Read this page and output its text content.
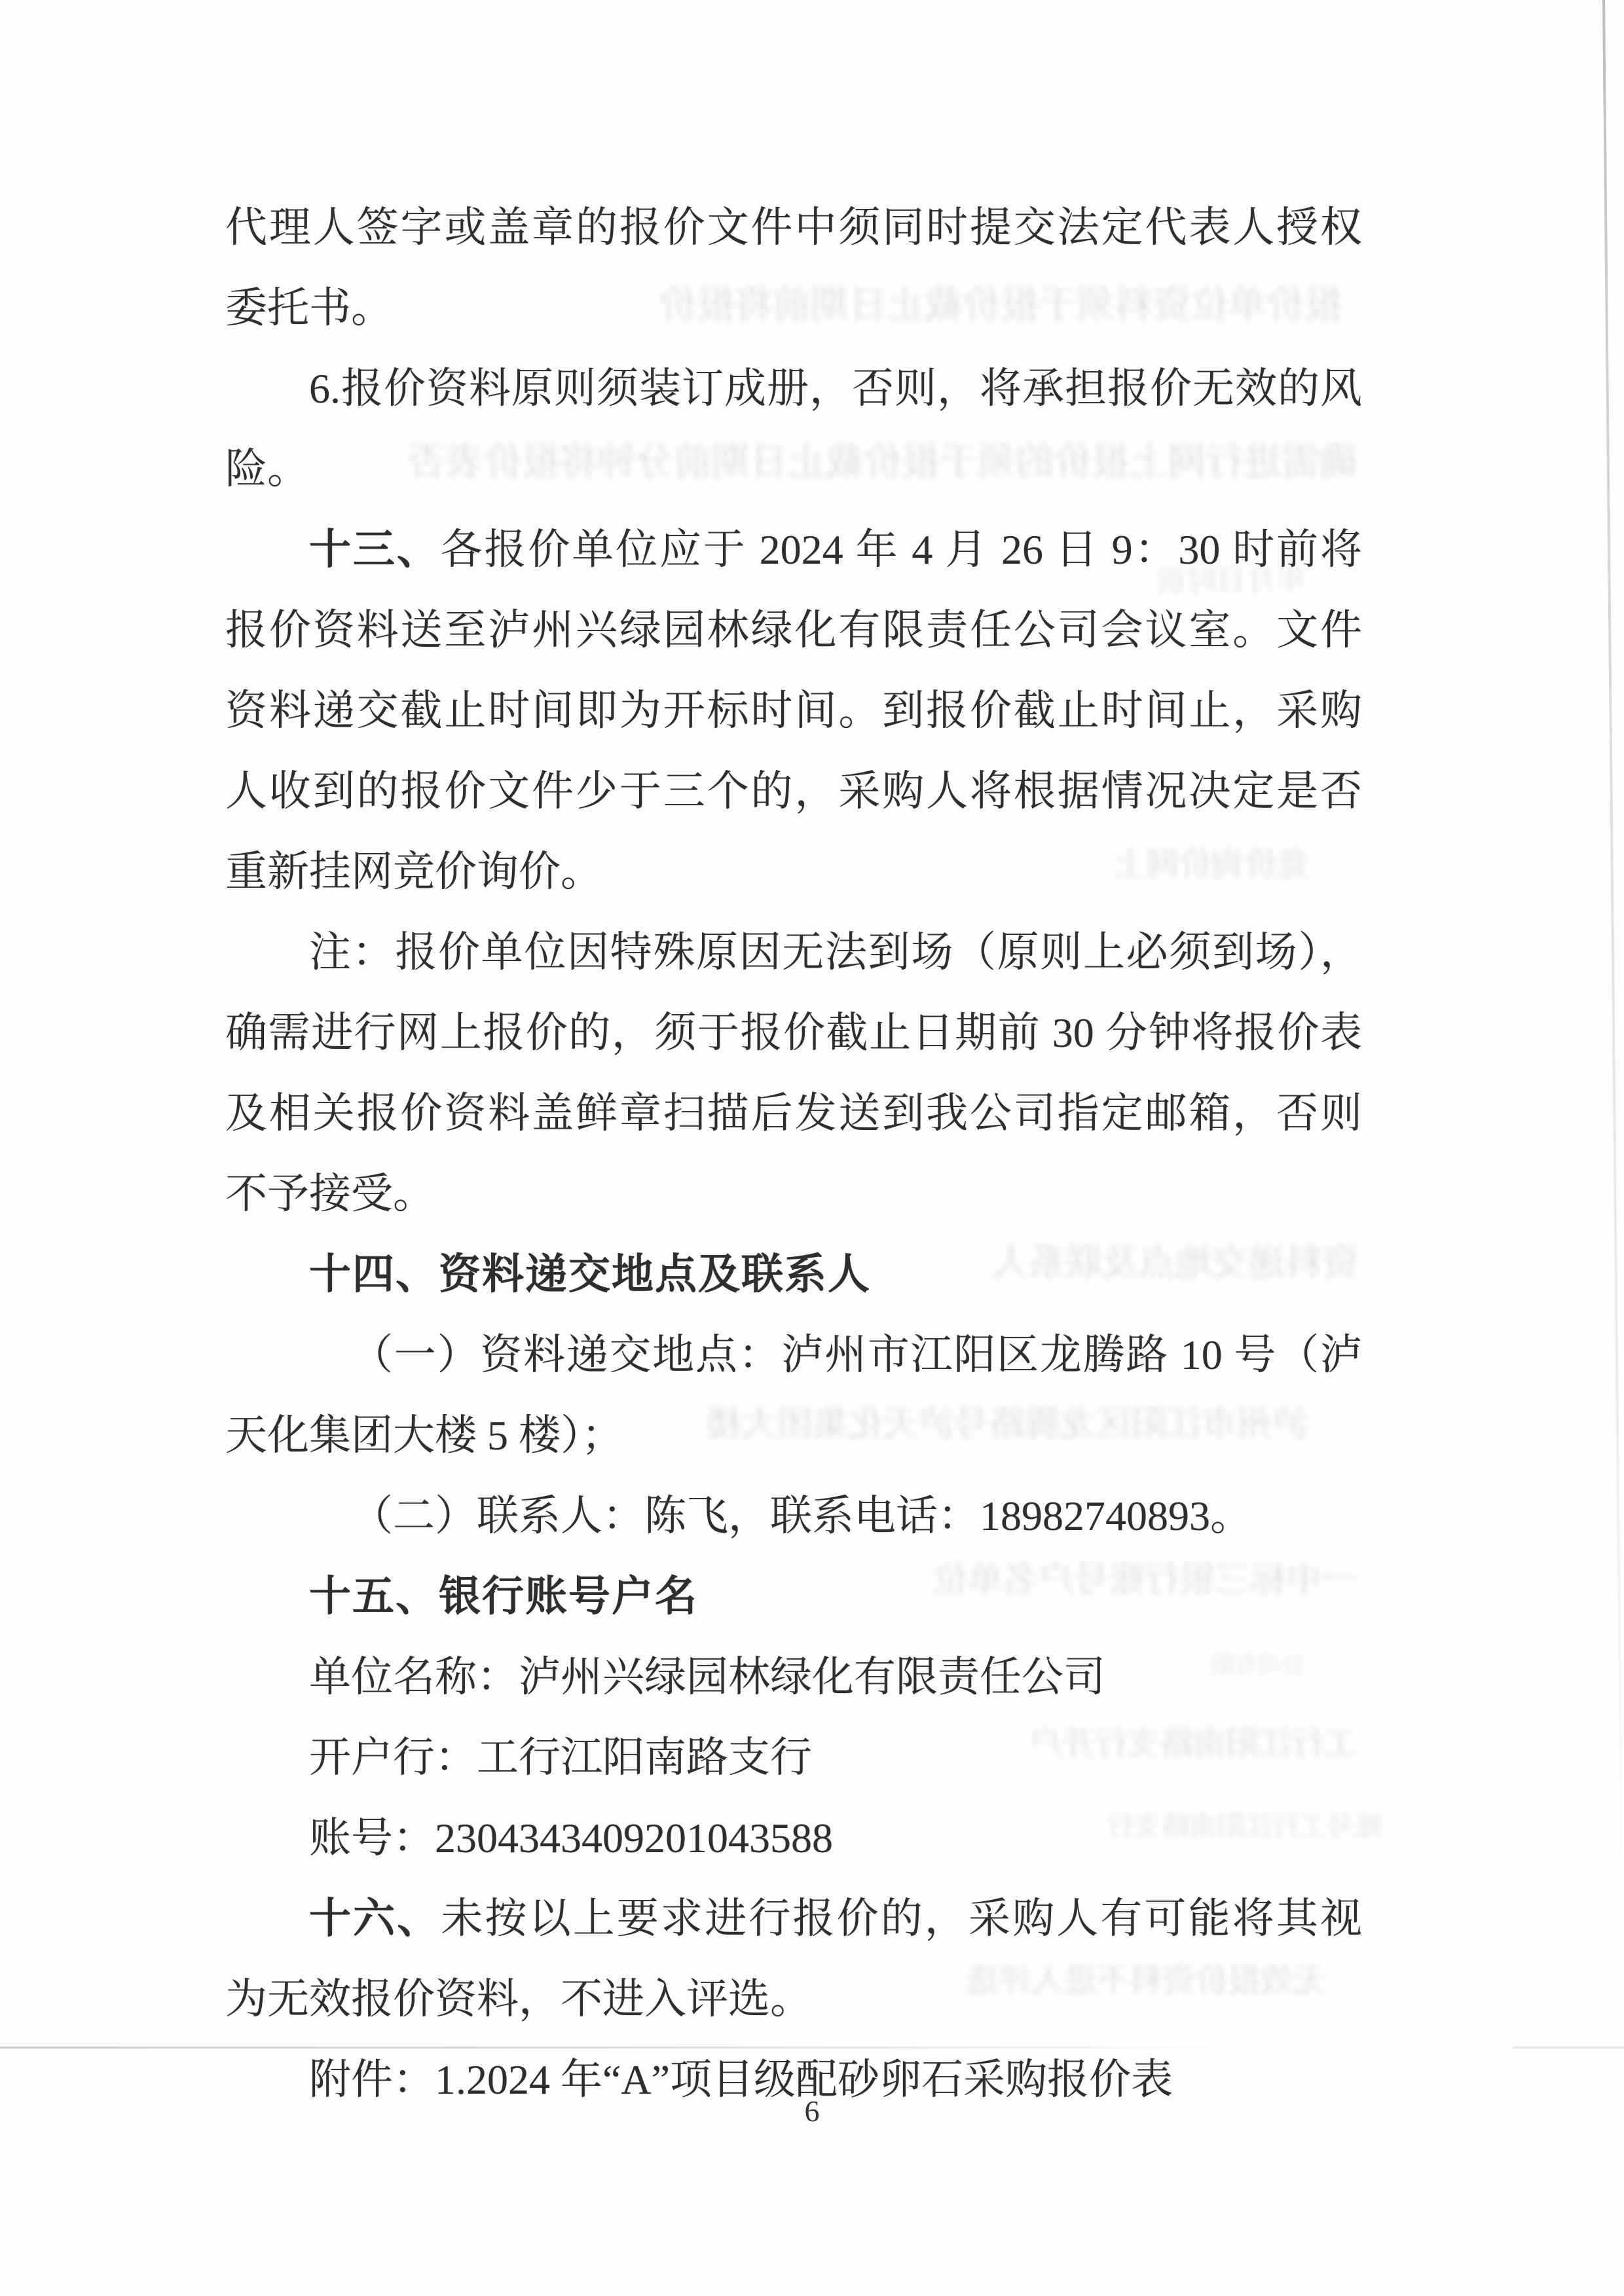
报价单位资料须于报价截止日期前将报价
确需进行网上报价的须于报价截止日期前分钟将报价表否
年月日时前
竞价询价网上
资料递交地点及联系人
泸州市江阳区龙腾路号泸天化集团大楼
一中标三银行账号户名单位
公司有限
工行江阳南路支行开户
账号工行江阳南路支行
无效报价资料不进入评选
代理人签字或盖章的报价文件中须同时提交法定代表人授权
委托书。
6.报价资料原则须装订成册，否则，将承担报价无效的风
险。
十三、各报价单位应于 2024 年 4 月 26 日 9：30 时前将
报价资料送至泸州兴绿园林绿化有限责任公司会议室。文件
资料递交截止时间即为开标时间。到报价截止时间止，采购
人收到的报价文件少于三个的，采购人将根据情况决定是否
重新挂网竞价询价。
注：报价单位因特殊原因无法到场（原则上必须到场），
确需进行网上报价的，须于报价截止日期前 30 分钟将报价表
及相关报价资料盖鲜章扫描后发送到我公司指定邮箱，否则
不予接受。
十四、资料递交地点及联系人
（一）资料递交地点：泸州市江阳区龙腾路 10 号（泸
天化集团大楼 5 楼）；
（二）联系人：陈飞，联系电话：18982740893。
十五、银行账号户名
单位名称：泸州兴绿园林绿化有限责任公司
开户行：工行江阳南路支行
账号：2304343409201043588
十六、未按以上要求进行报价的，采购人有可能将其视
为无效报价资料，不进入评选。
附件：1.2024 年“A”项目级配砂卵石采购报价表
6
